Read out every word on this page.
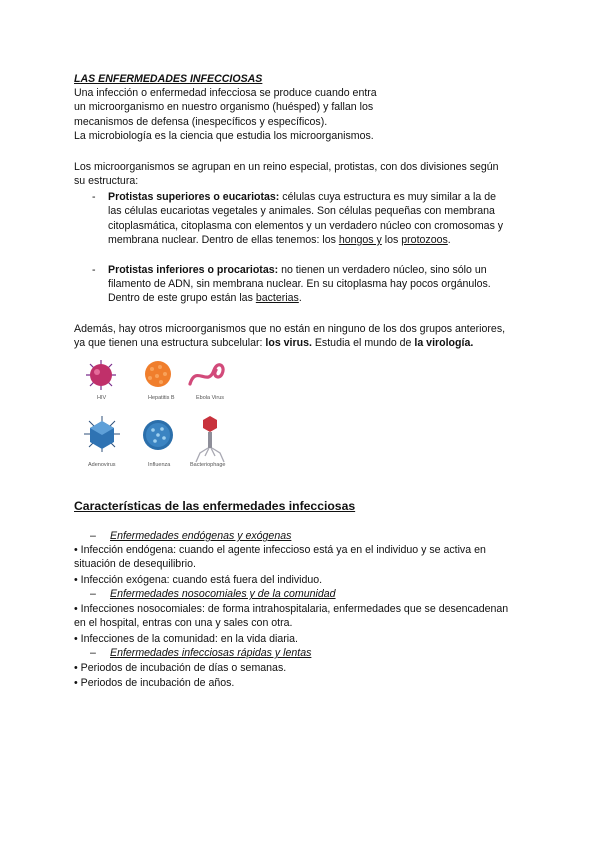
LAS ENFERMEDADES INFECCIOSAS
Una infección o enfermedad infecciosa se produce cuando entra
un microorganismo en nuestro organismo (huésped) y fallan los
mecanismos de defensa (inespecíficos y específicos).
La microbiología es la ciencia que estudia los microorganismos.
Los microorganismos se agrupan en un reino especial, protistas, con dos divisiones según
su estructura:
- Protistas superiores o eucariotas: células cuya estructura es muy similar a la de
las células eucariotas vegetales y animales. Son células pequeñas con membrana
citoplasmática, citoplasma con elementos y un verdadero núcleo con cromosomas y
membrana nuclear. Dentro de ellas tenemos: los hongos y los protozoos.
- Protistas inferiores o procariotas: no tienen un verdadero núcleo, sino sólo un
filamento de ADN, sin membrana nuclear. En su citoplasma hay pocos orgánulos.
Dentro de este grupo están las bacterias.
Además, hay otros microorganismos que no están en ninguno de los dos grupos anteriores,
ya que tienen una estructura subcelular: los virus. Estudia el mundo de la virología.
HIV	Hepatitis B	Ebola Virus
Adenovirus	Influenza	Bacteriophage
Características de las enfermedades infecciosas
– Enfermedades endógenas y exógenas
• Infección endógena: cuando el agente infeccioso está ya en el individuo y se activa en
situación de desequilibrio.
• Infección exógena: cuando está fuera del individuo.
– Enfermedades nosocomiales y de la comunidad
• Infecciones nosocomiales: de forma intrahospitalaria, enfermedades que se desencadenan
en el hospital, entras con una y sales con otra.
• Infecciones de la comunidad: en la vida diaria.
– Enfermedades infecciosas rápidas y lentas
• Periodos de incubación de días o semanas.
• Periodos de incubación de años.
